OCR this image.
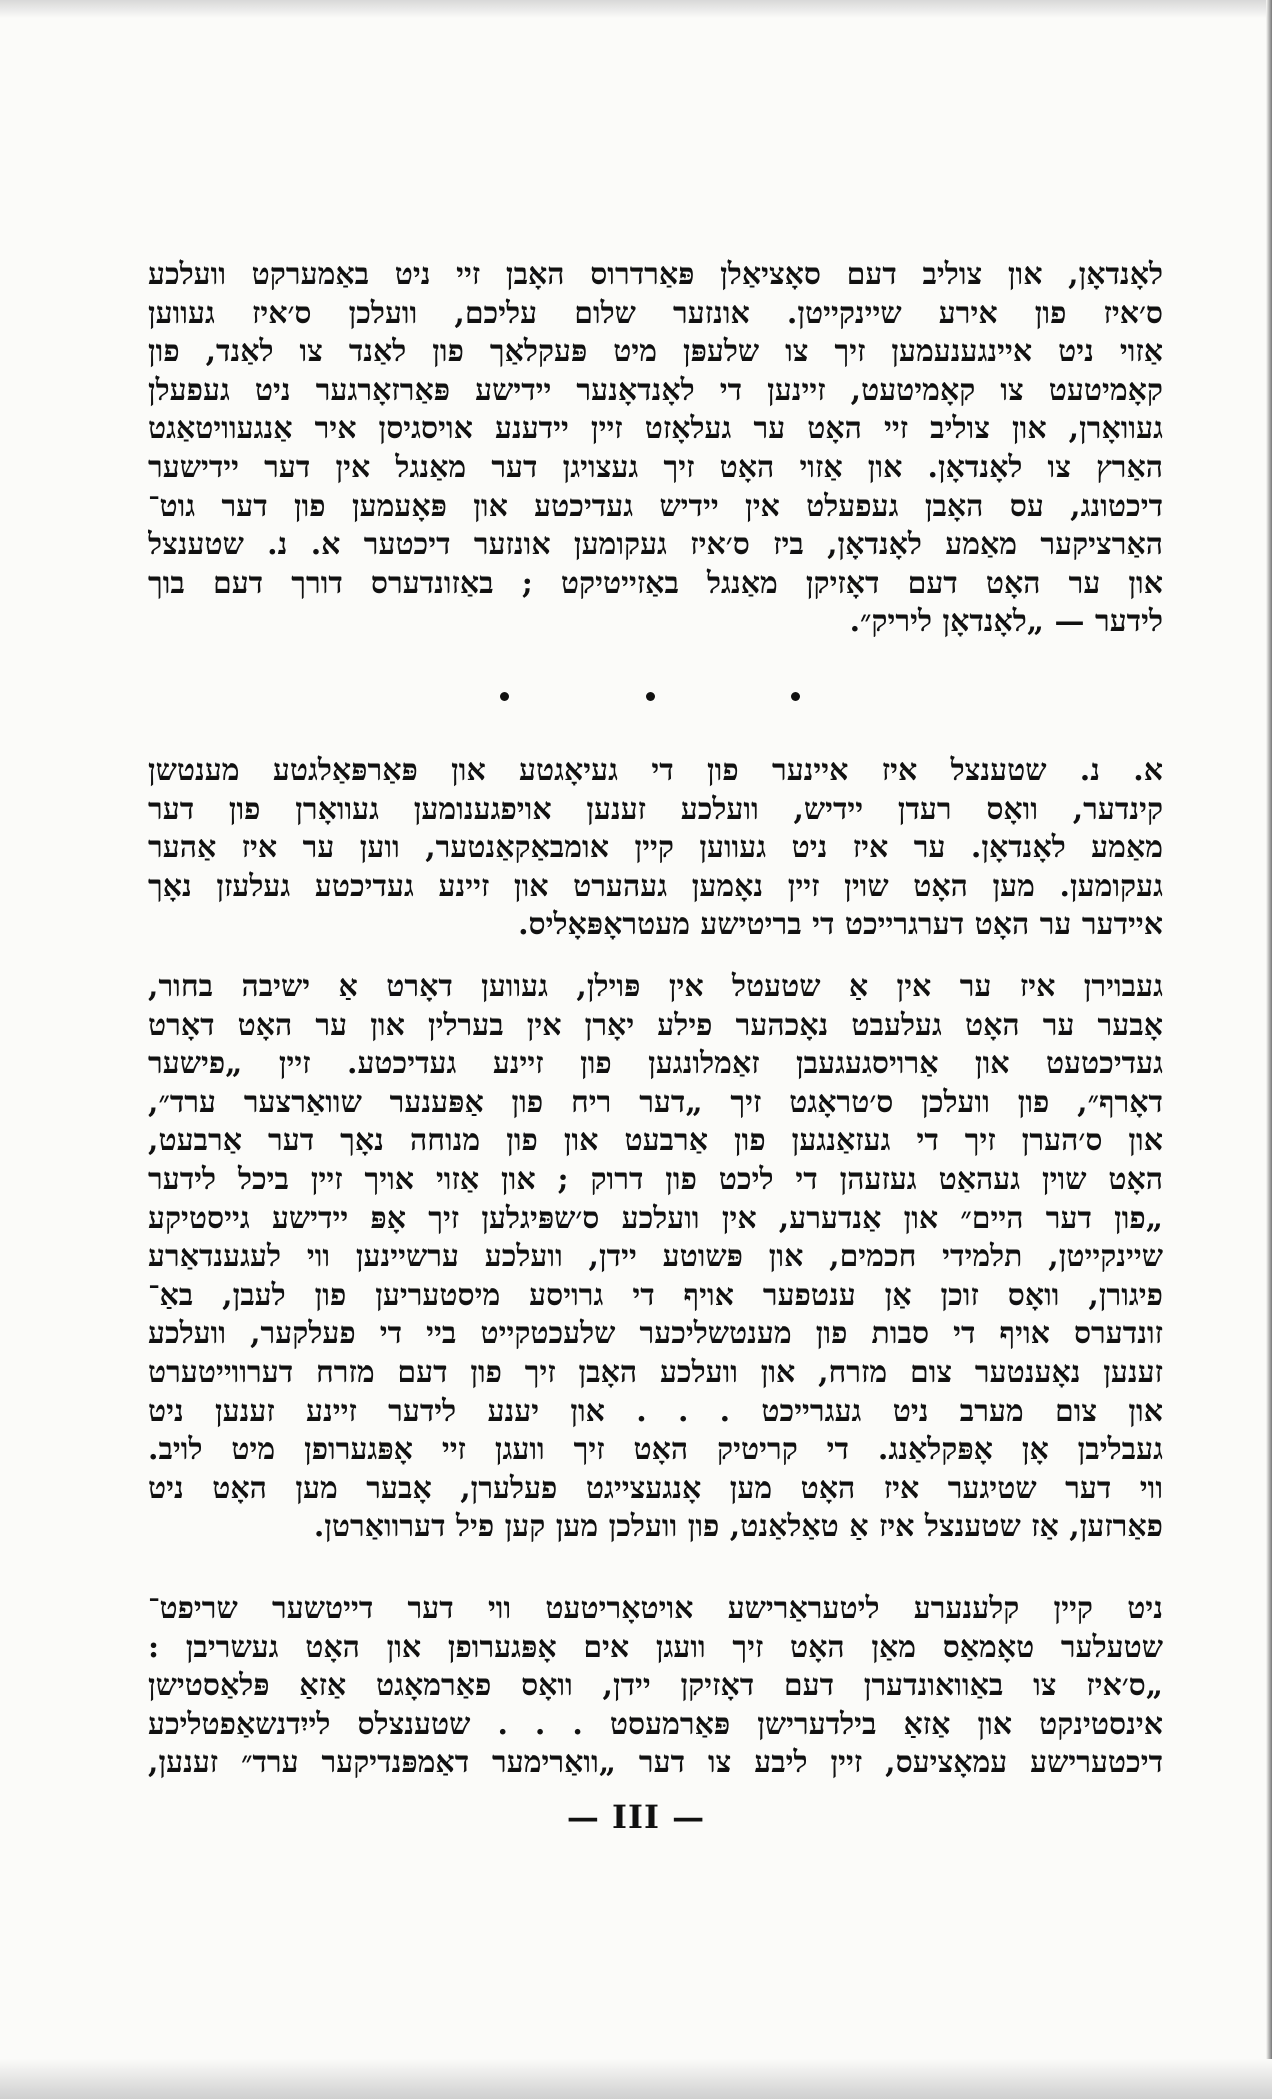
לאָנדאָן, און צוליב דעם סאָציאַלן פּאַרדרוס האָבן זיי ניט באַמערקט וועלכע
ס׳איז פון אירע שיינקייטן. אונזער שלום עליכם, וועלכן ס׳איז געווען
אַזוי ניט איינגענעמען זיך צו שלעפּן מיט פּעקלאַך פון לאַנד צו לאַנד, פון
קאָמיטעט צו קאָמיטעט, זיינען די לאָנדאָנער יידישע פּאַרזאָרגער ניט געפעלן
געוואָרן, און צוליב זיי האָט ער געלאָזט זיין יידענע אויסגיסן איר אַנגעוויטאַגט
האַרץ צו לאָנדאָן. און אַזוי האָט זיך געצויגן דער מאַנגל אין דער יידישער
דיכטונג, עס האָבן געפעלט אין יידיש געדיכטע און פּאָעמען פון דער גוט־
האַרציקער מאַמע לאָנדאָן, ביז ס׳איז געקומען אונזער דיכטער א. נ. שטענצל
און ער האָט דעם דאָזיקן מאַנגל באַזייטיקט ; באַזונדערס דורך דעם בוך
לידער — „לאָנדאָן ליריק״.
א. נ. שטענצל איז איינער פון די געיאָגטע און פּאַרפּאַלגטע מענטשן
קינדער, וואָס רעדן יידיש, וועלכע זענען אויפגענומען געוואָרן פון דער
מאַמע לאָנדאָן. ער איז ניט געווען קיין אומבאַקאַנטער, ווען ער איז אַהער
געקומען. מען האָט שוין זיין נאָמען געהערט און זיינע געדיכטע געלעזן נאָך
איידער ער האָט דערגרייכט די בריטישע מעטראָפּאָליס.
געבוירן איז ער אין אַ שטעטל אין פּוילן, געווען דאָרט אַ ישיבה בחור,
אָבער ער האָט געלעבט נאָכהער פילע יאָרן אין בערלין און ער האָט דאָרט
געדיכטעט און אַרויסגעגעבן זאַמלונגען פון זיינע געדיכטע. זיין „פישער
דאָרף״, פון וועלכן ס׳טראָגט זיך „דער ריח פון אַפּענער שוואַרצער ערד״,
און ס׳הערן זיך די געזאַנגען פון אַרבעט און פון מנוחה נאָך דער אַרבעט,
האָט שוין געהאַט געזעהן די ליכט פון דרוק ; און אַזוי אויך זיין ביכל לידער
„פון דער היים״ און אַנדערע, אין וועלכע ס׳שפּיגלען זיך אָפּ יידישע גייסטיקע
שיינקייטן, תלמידי חכמים, און פּשוטע יידן, וועלכע ערשיינען ווי לעגענדאַרע
פיגורן, וואָס זוכן אַן ענטפער אויף די גרויסע מיסטעריען פון לעבן, באַ־
זונדערס אויף די סבות פון מענטשליכער שלעכטקייט ביי די פעלקער, וועלכע
זענען נאָענטער צום מזרח, און וועלכע האָבן זיך פון דעם מזרח דערווייטערט
און צום מערב ניט געגרייכט . . . און יענע לידער זיינע זענען ניט
געבליבן אָן אָפּקלאַנג. די קריטיק האָט זיך וועגן זיי אָפּגערופן מיט לויב.
ווי דער שטיגער איז האָט מען אָנגעצייגט פעלערן, אָבער מען האָט ניט
פאַרזען, אַז שטענצל איז אַ טאַלאַנט, פון וועלכן מען קען פיל דערוואַרטן.
ניט קיין קלענערע ליטעראַרישע אויטאָריטעט ווי דער דייטשער שריפט־
שטעלער טאָמאַס מאַן האָט זיך וועגן אים אָפּגערופן און האָט געשריבן :
„ס׳איז צו באַוואונדערן דעם דאָזיקן יידן, וואָס פאַרמאָגט אַזאַ פּלאַסטישן
אינסטינקט און אַזאַ בילדערישן פּאַרמעסט . . . שטענצלס לייִדנשאַפטליכע
דיכטערישע עמאָציעס, זיין ליבע צו דער „וואַרימער דאַמפּנדיקער ערד״ זענען,
— III —
